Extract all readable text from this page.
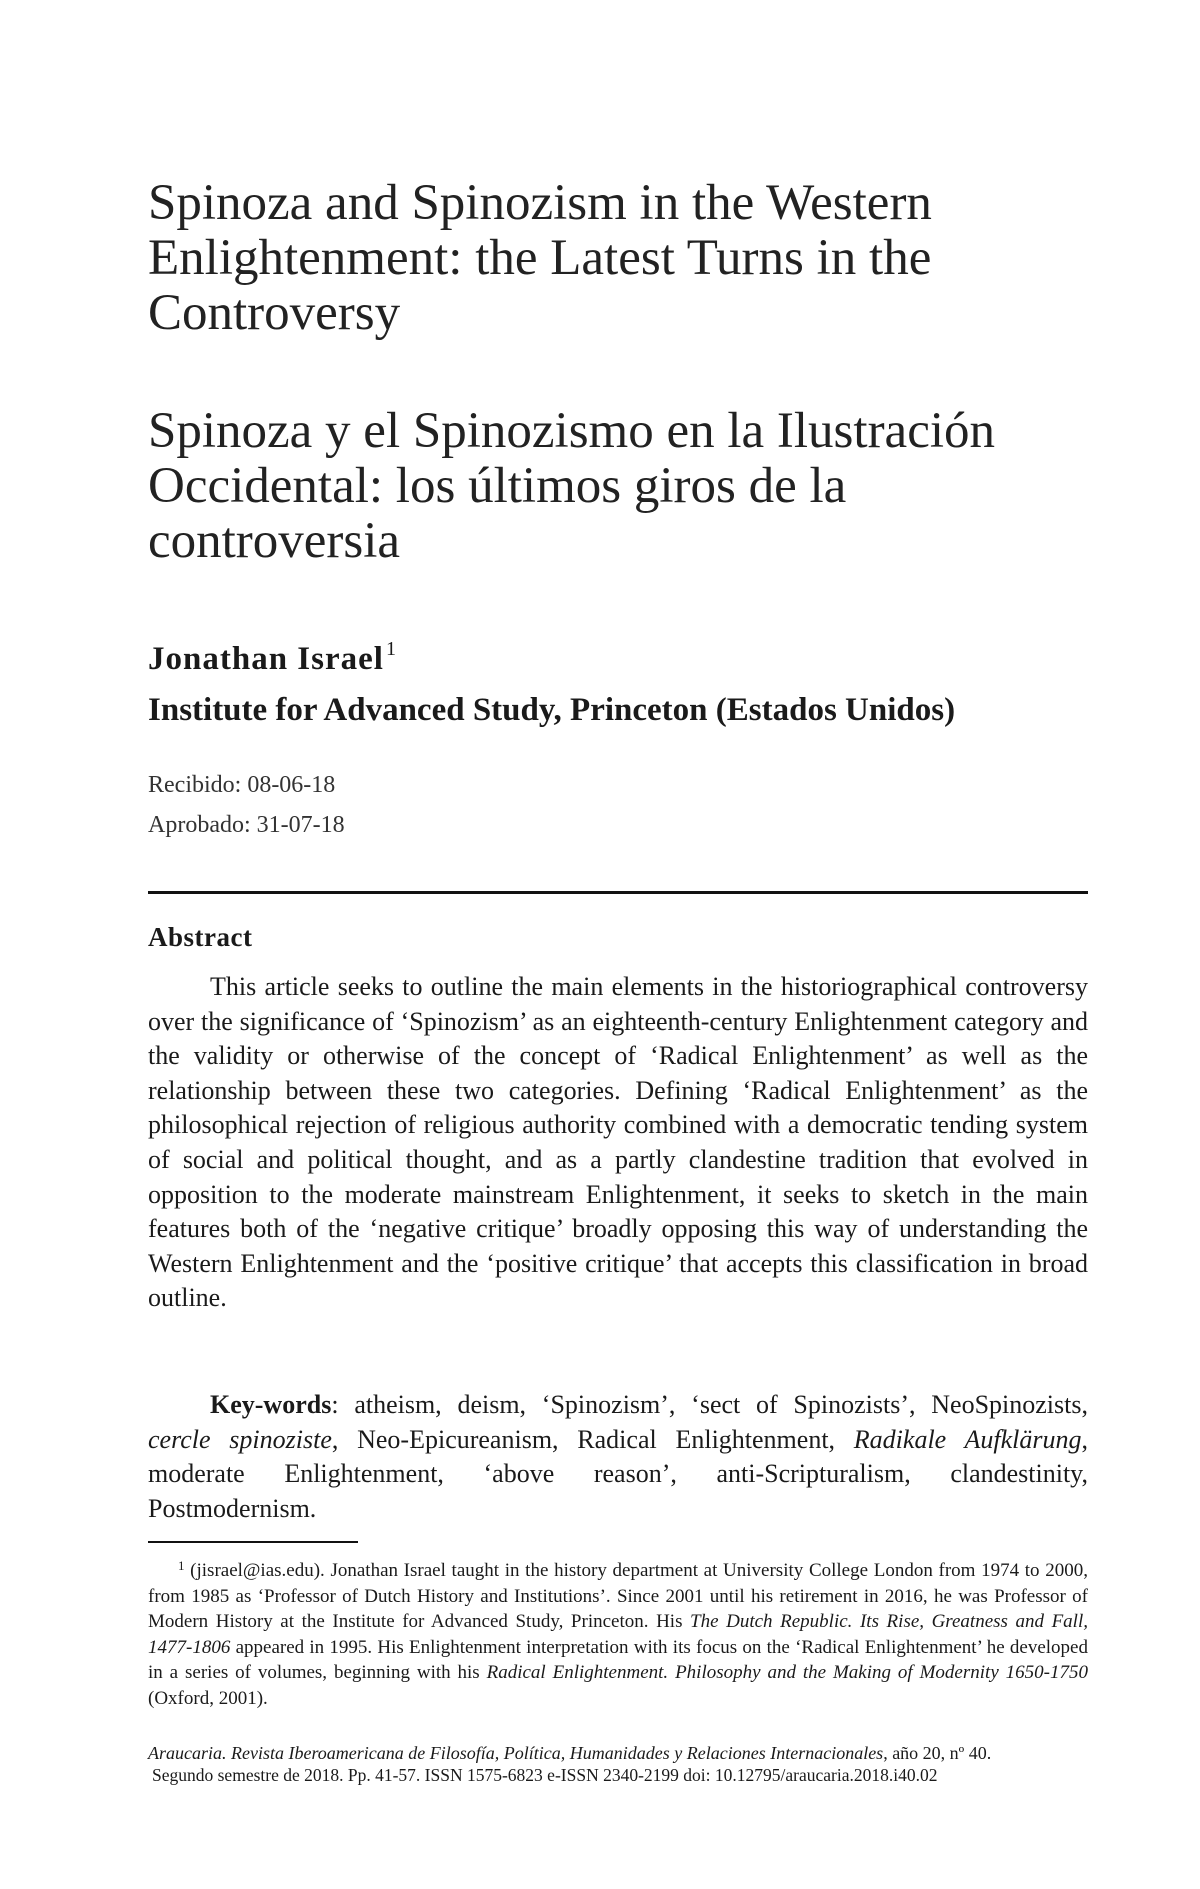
Spinoza and Spinozism in the Western
Enlightenment: the Latest Turns in the
Controversy
Spinoza y el Spinozismo en la Ilustración
Occidental: los últimos giros de la
controversia
Jonathan Israel $^1$
Institute for Advanced Study, Princeton (Estados Unidos)
Recibido: 08-06-18
Aprobado: 31-07-18
Abstract

This article seeks to outline the main elements in the historiographical controversy over the significance of ‘Spinozism’ as an eighteenth-century Enlightenment category and the validity or otherwise of the concept of ‘Radical Enlightenment’ as well as the relationship between these two categories. Defining ‘Radical Enlightenment’ as the philosophical rejection of religious authority combined with a democratic tending system of social and political thought, and as a partly clandestine tradition that evolved in opposition to the moderate mainstream Enlightenment, it seeks to sketch in the main features both of the ‘negative critique’ broadly opposing this way of understanding the Western Enlightenment and the ‘positive critique’ that accepts this classification in broad outline.

Key-words: atheism, deism, ‘Spinozism’, ‘sect of Spinozists’, NeoSpinozists, cercle spinoziste, Neo-Epicureanism, Radical Enlightenment, Radikale Aufklärung, moderate Enlightenment, ‘above reason’, anti-Scripturalism, clandestinity, Postmodernism.

$^1$ (jisrael@ias.edu). Jonathan Israel taught in the history department at University College London from 1974 to 2000, from 1985 as ‘Professor of Dutch History and Institutions’. Since 2001 until his retirement in 2016, he was Professor of Modern History at the Institute for Advanced Study, Princeton. His The Dutch Republic. Its Rise, Greatness and Fall, 1477-1806 appeared in 1995. His Enlightenment interpretation with its focus on the ‘Radical Enlightenment’ he developed in a series of volumes, beginning with his Radical Enlightenment. Philosophy and the Making of Modernity 1650-1750 (Oxford, 2001).

Araucaria. Revista Iberoamericana de Filosofía, Política, Humanidades y Relaciones Internacionales, año 20, nº 40.
Segundo semestre de 2018. Pp. 41-57. ISSN 1575-6823 e-ISSN 2340-2199 doi: 10.12795/araucaria.2018.i40.02
